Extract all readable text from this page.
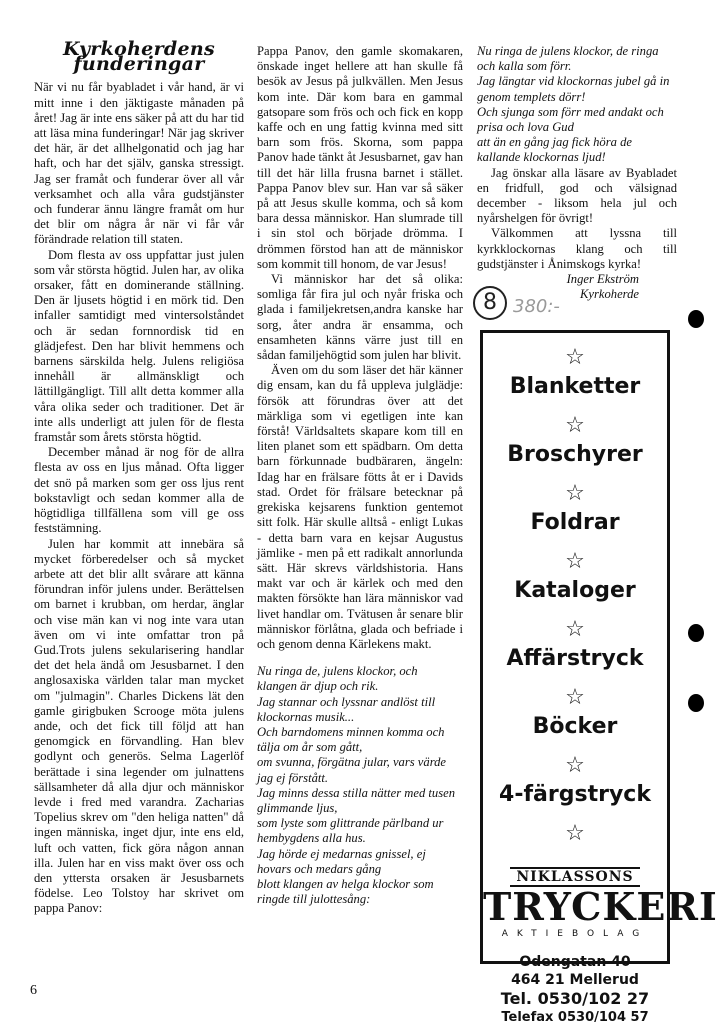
Kyrkoherdens funderingar

När vi nu får byabladet i vår hand, är vi mitt inne i den jäktigaste månaden på året! Jag är inte ens säker på att du har tid att läsa mina funderingar! När jag skriver det här, är det allhelgonatid och jag har haft, och har det själv, ganska stressigt. Jag ser framåt och funderar över all vår verksamhet och alla våra gudstjänster och funderar ännu längre framåt om hur det blir om några år när vi får vår förändrade relation till staten.

Dom flesta av oss uppfattar just julen som vår största högtid. Julen har, av olika orsaker, fått en dominerande ställning. Den är ljusets högtid i en mörk tid. Den infaller samtidigt med vintersolståndet och är sedan fornnordisk tid en glädjefest. Den har blivit hemmens och barnens särskilda helg. Julens religiösa innehåll är allmänskligt och lättillgängligt. Till allt detta kommer alla våra olika seder och traditioner. Det är inte alls underligt att julen för de flesta framstår som årets största högtid.

December månad är nog för de allra flesta av oss en ljus månad. Ofta ligger det snö på marken som ger oss ljus rent bokstavligt och sedan kommer alla de högtidliga tillfällena som vill ge oss feststämning.

Julen har kommit att innebära så mycket förberedelser och så mycket arbete att det blir allt svårare att känna förundran inför julens under. Berättelsen om barnet i krubban, om herdar, änglar och vise män kan vi nog inte vara utan även om vi inte omfattar tron på Gud.Trots julens sekularisering handlar det det hela ändå om Jesusbarnet. I den anglosaxiska världen talar man mycket om "julmagin". Charles Dickens lät den gamle girigbuken Scrooge möta julens ande, och det fick till följd att han genomgick en förvandling. Han blev godlynt och generös. Selma Lagerlöf berättade i sina legender om julnattens sällsamheter då alla djur och människor levde i fred med varandra. Zacharias Topelius skrev om "den heliga natten" då ingen människa, inget djur, inte ens eld, luft och vatten, fick göra någon annan illa. Julen har en viss makt över oss och den yttersta orsaken är Jesusbarnets födelse. Leo Tolstoy har skrivet om pappa Panov:

Pappa Panov, den gamle skomakaren, önskade inget hellere att han skulle få besök av Jesus på julkvällen. Men Jesus kom inte. Där kom bara en gammal gatsopare som frös och och fick en kopp kaffe och en ung fattig kvinna med sitt barn som frös. Skorna, som pappa Panov hade tänkt åt Jesusbarnet, gav han till det här lilla frusna barnet i stället. Pappa Panov blev sur. Han var så säker på att Jesus skulle komma, och så kom bara dessa människor. Han slumrade till i sin stol och började drömma. I drömmen förstod han att de människor som kommit till honom, de var Jesus!

Vi människor har det så olika: somliga får fira jul och nyår friska och glada i familjekretsen,andra kanske har sorg, åter andra är ensamma, och ensamheten känns värre just till en sådan familjehögtid som julen har blivit.

Även om du som läser det här känner dig ensam, kan du få uppleva julglädje: försök att förundras över att det märkliga som vi egetligen inte kan förstå! Världsaltets skapare kom till en liten planet som ett spädbarn. Om detta barn förkunnade budbäraren, ängeln: Idag har en frälsare fötts åt er i Davids stad. Ordet för frälsare betecknar på grekiska kejsarens funktion gentemot sitt folk. Här skulle alltså - enligt Lukas - detta barn vara en kejsar Augustus jämlike - men på ett radikalt annorlunda sätt. Här skrevs världshistoria. Hans makt var och är kärlek och med den makten försökte han lära människor vad livet handlar om. Tvätusen år senare blir människor förlåtna, glada och befriade i och genom denna Kärlekens makt.

Nu ringa de, julens klockor, och
klangen är djup och rik.
Jag stannar och lyssnar andlöst till
klockornas musik...
Och barndomens minnen komma och
tälja om år som gått,
om svunna, förgätna jular, vars värde
jag ej förstått.
Jag minns dessa stilla nätter med tusen glimmande ljus,
som lyste som glittrande pärlband ur
hembygdens alla hus.
Jag hörde ej medarnas gnissel, ej
hovars och medars gång
blott klangen av helga klockor som
ringde till julottesång:
Nu ringa de julens klockor, de ringa
och kalla som förr.
Jag längtar vid klockornas jubel gå in
genom templets dörr!
Och sjunga som förr med andakt och
prisa och lova Gud
att än en gång jag fick höra de kallande klockornas ljud!

Jag önskar alla läsare av Byabladet en fridfull, god och välsignad december - liksom hela jul och nyårshelgen för övrigt!

Välkommen att lyssna till kyrkklockornas klang och till gudstjänster i Ånimskogs kyrka!

Inger Ekström
Kyrkoherde
8 380:-
☆
Blanketter
☆
Broschyrer
☆
Foldrar
☆
Kataloger
☆
Affärstryck
☆
Böcker
☆
4-färgstryck
☆
NIKLASSONS
TRYCKERI
AKTIEBOLAG
Odengatan 40
464 21 Mellerud
Tel. 0530/102 27
Telefax 0530/104 57
6
